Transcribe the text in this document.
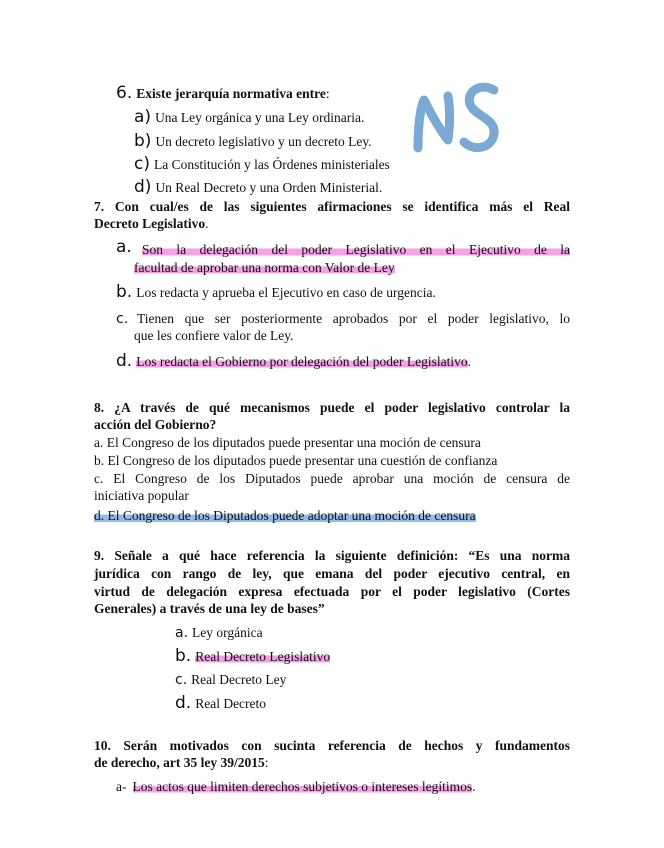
6. Existe jerarquía normativa entre:
a) Una Ley orgánica y una Ley ordinaria.
b) Un decreto legislativo y un decreto Ley.
c) La Constitución y las Órdenes ministeriales
d) Un Real Decreto y una Orden Ministerial.
7. Con cual/es de las siguientes afirmaciones se identifica más el Real
Decreto Legislativo.
a. Son la delegación del poder Legislativo en el Ejecutivo de la
facultad de aprobar una norma con Valor de Ley
b. Los redacta y aprueba el Ejecutivo en caso de urgencia.
c. Tienen que ser posteriormente aprobados por el poder legislativo, lo
que les confiere valor de Ley.
d. Los redacta el Gobierno por delegación del poder Legislativo.
8. ¿A través de qué mecanismos puede el poder legislativo controlar la
acción del Gobierno?
a. El Congreso de los diputados puede presentar una moción de censura
b. El Congreso de los diputados puede presentar una cuestión de confianza
c. El Congreso de los Diputados puede aprobar una moción de censura de
iniciativa popular
d. El Congreso de los Diputados puede adoptar una moción de censura
9. Señale a qué hace referencia la siguiente definición: “Es una norma
jurídica con rango de ley, que emana del poder ejecutivo central, en
virtud de delegación expresa efectuada por el poder legislativo (Cortes
Generales) a través de una ley de bases”
a. Ley orgánica
b. Real Decreto Legislativo
c. Real Decreto Ley
d. Real Decreto
10. Serán motivados con sucinta referencia de hechos y fundamentos
de derecho, art 35 ley 39/2015:
a- Los actos que limiten derechos subjetivos o intereses legítimos.
